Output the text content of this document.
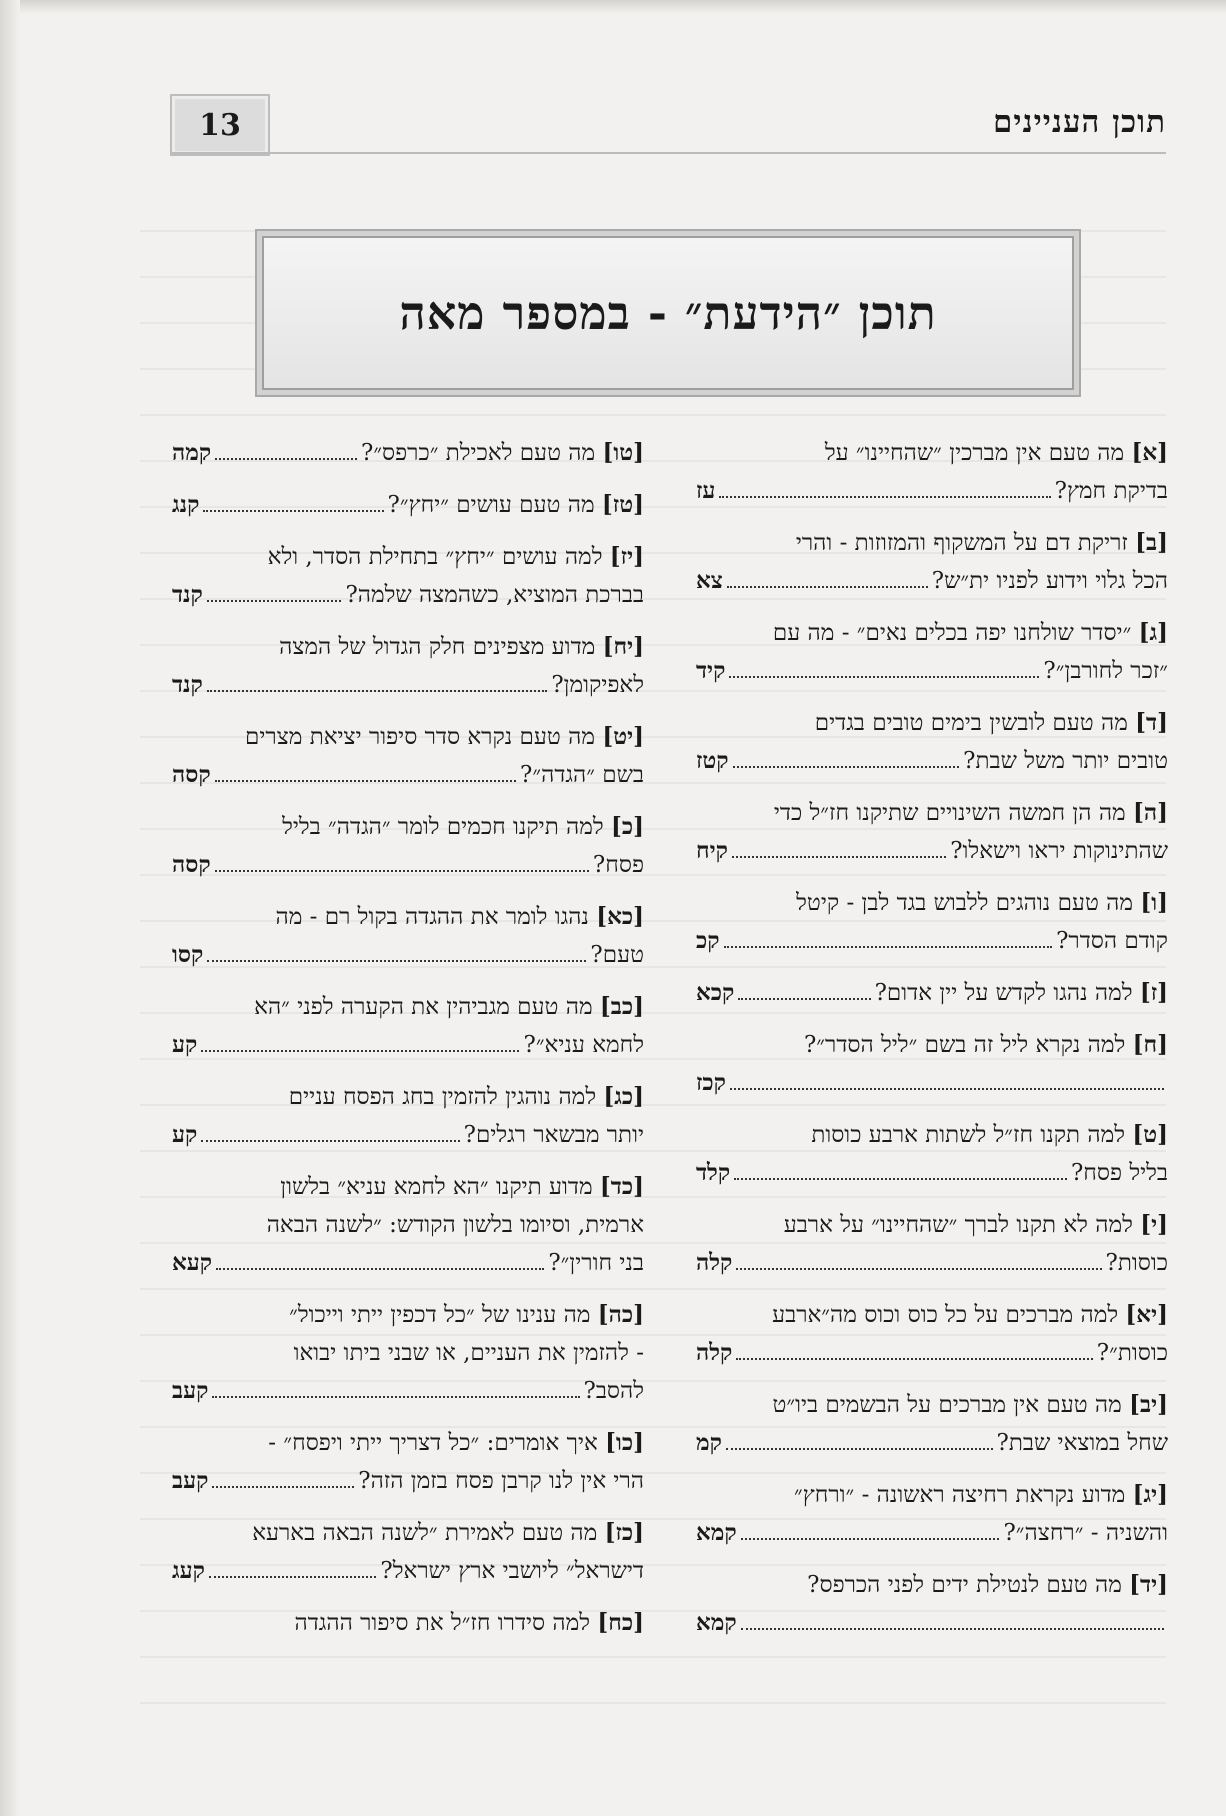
13	תוכן העניינים
תוכן ״הידעת״ - במספר מאה
[א] מה טעם אין מברכין ״שהחיינו״ על
בדיקת חמץ?
עז
[ב] זריקת דם על המשקוף והמזוזות - והרי
הכל גלוי וידוע לפניו ית״ש?
צא
[ג] ״יסדר שולחנו יפה בכלים נאים״ - מה עם
״זכר לחורבן״?
קיד
[ד] מה טעם לובשין בימים טובים בגדים
טובים יותר משל שבת?
קטז
[ה] מה הן חמשה השינויים שתיקנו חז״ל כדי
שהתינוקות יראו וישאלו?
קיח
[ו] מה טעם נוהגים ללבוש בגד לבן - קיטל
קודם הסדר?
קכ
[ז]

למה נהגו לקדש על יין אדום?
קכא
[ח] למה נקרא ליל זה בשם ״ליל הסדר״?
קכז
[ט] למה תקנו חז״ל לשתות ארבע כוסות
בליל פסח?
קלד
[י] למה לא תקנו לברך ״שהחיינו״ על ארבע
כוסות?
קלה
[יא] למה מברכים על כל כוס וכוס מה״ארבע
כוסות״?
קלה
[יב] מה טעם אין מברכים על הבשמים ביו״ט
שחל במוצאי שבת?
קמ
[יג] מדוע נקראת רחיצה ראשונה - ״ורחץ״
והשניה - ״רחצה״?
קמא
[יד] מה טעם לנטילת ידים לפני הכרפס?
קמא
[טו]

מה טעם לאכילת ״כרפס״?
קמה
[טז]

מה טעם עושים ״יחץ״?
קנג
[יז] למה עושים ״יחץ״ בתחילת הסדר, ולא
בברכת המוציא, כשהמצה שלמה?
קנד
[יח] מדוע מצפינים חלק הגדול של המצה
לאפיקומן?
קנד
[יט] מה טעם נקרא סדר סיפור יציאת מצרים
בשם ״הגדה״?
קסה
[כ] למה תיקנו חכמים לומר ״הגדה״ בליל
פסח?
קסה
[כא] נהגו לומר את ההגדה בקול רם - מה
טעם?
קסו
[כב] מה טעם מגביהין את הקערה לפני ״הא
לחמא עניא״?
קע
[כג] למה נוהגין להזמין בחג הפסח עניים
יותר מבשאר רגלים?
קע
[כד] מדוע תיקנו ״הא לחמא עניא״ בלשון
ארמית, וסיומו בלשון הקודש: ״לשנה הבאה
בני חורין״?
קעא
[כה] מה ענינו של ״כל דכפין ייתי וייכול״
- להזמין את העניים, או שבני ביתו יבואו
להסב?
קעב
[כו] איך אומרים: ״כל דצריך ייתי ויפסח״ -
הרי אין לנו קרבן פסח בזמן הזה?
קעב
[כז] מה טעם לאמירת ״לשנה הבאה בארעא
דישראל״ ליושבי ארץ ישראל?
קעג
[כח]

למה סידרו חז״ל את סיפור ההגדה
